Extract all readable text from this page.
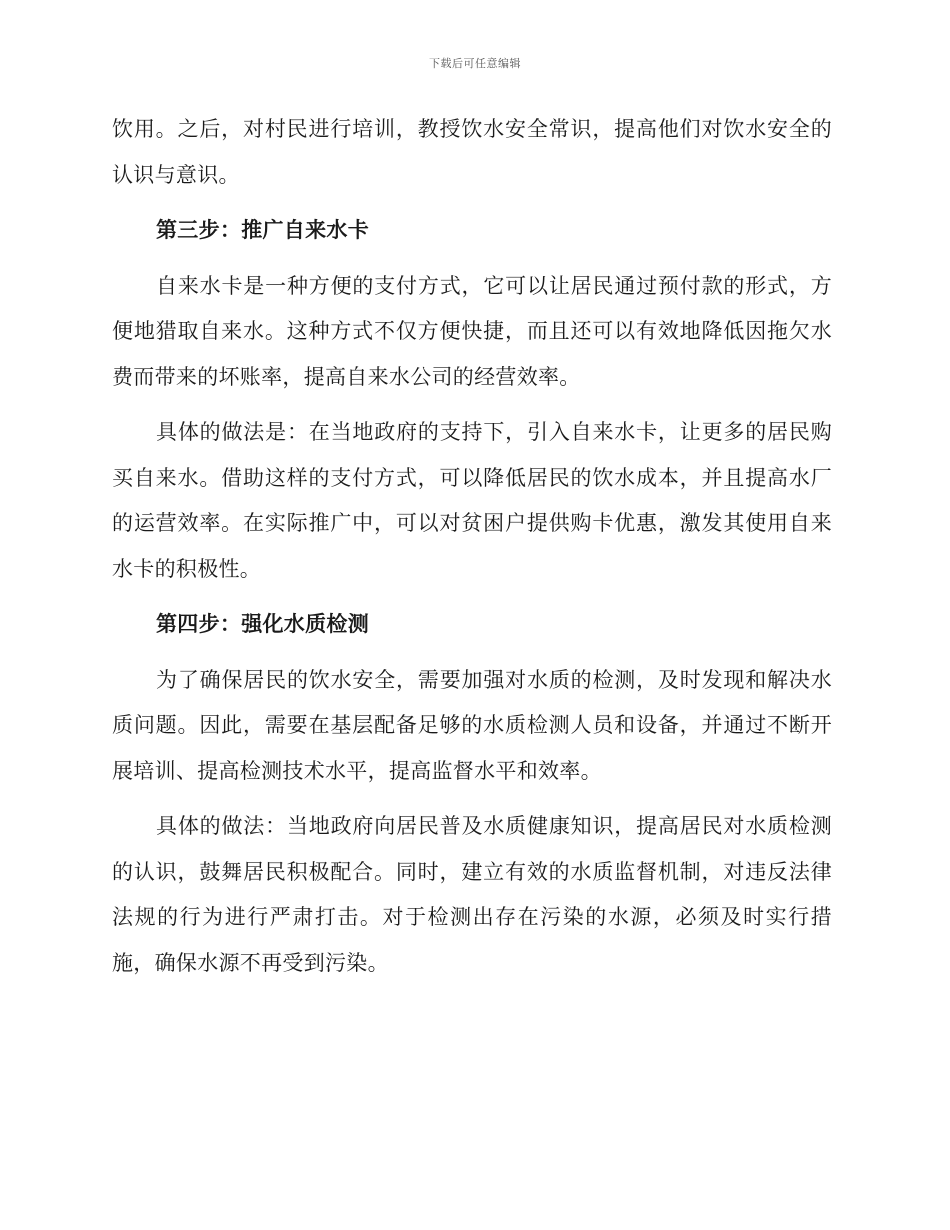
下载后可任意编辑

饮用。之后，对村民进行培训，教授饮水安全常识，提高他们对饮水安全的认识与意识。

第三步：推广自来水卡

自来水卡是一种方便的支付方式，它可以让居民通过预付款的形式，方便地猎取自来水。这种方式不仅方便快捷，而且还可以有效地降低因拖欠水费而带来的坏账率，提高自来水公司的经营效率。

具体的做法是：在当地政府的支持下，引入自来水卡，让更多的居民购买自来水。借助这样的支付方式，可以降低居民的饮水成本，并且提高水厂的运营效率。在实际推广中，可以对贫困户提供购卡优惠，激发其使用自来水卡的积极性。

第四步：强化水质检测

为了确保居民的饮水安全，需要加强对水质的检测，及时发现和解决水质问题。因此，需要在基层配备足够的水质检测人员和设备，并通过不断开展培训、提高检测技术水平，提高监督水平和效率。

具体的做法：当地政府向居民普及水质健康知识，提高居民对水质检测的认识，鼓舞居民积极配合。同时，建立有效的水质监督机制，对违反法律法规的行为进行严肃打击。对于检测出存在污染的水源，必须及时实行措施，确保水源不再受到污染。
